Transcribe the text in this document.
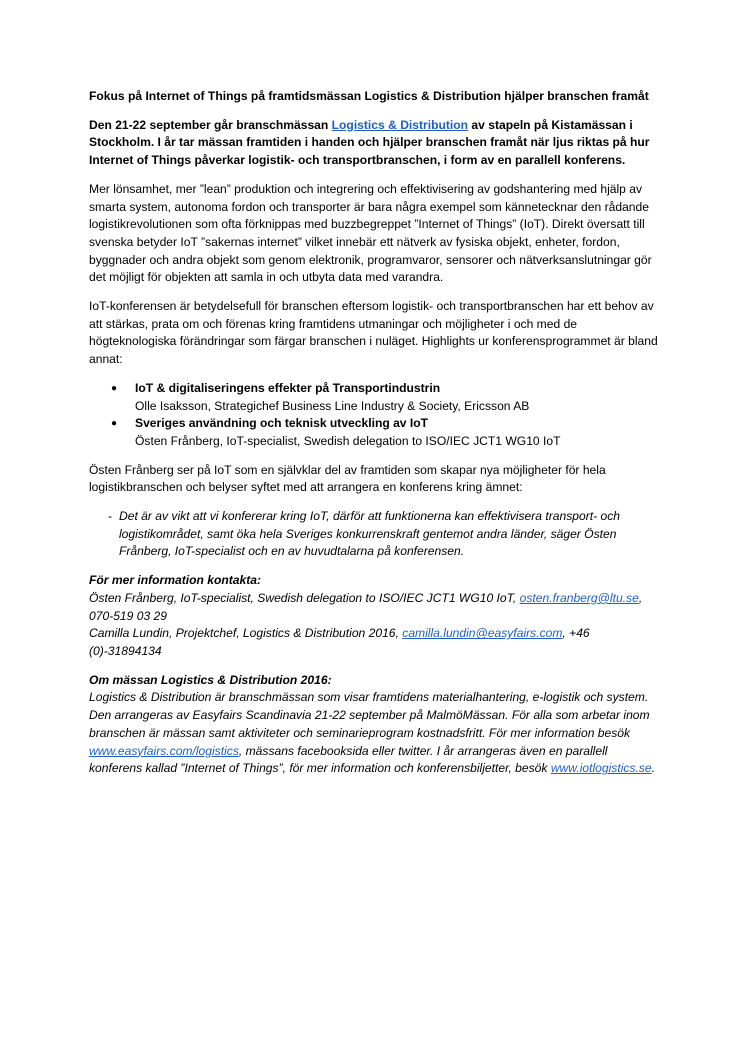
Fokus på Internet of Things på framtidsmässan Logistics & Distribution hjälper branschen framåt

Den 21-22 september går branschmässan Logistics & Distribution av stapeln på Kistamässan i Stockholm. I år tar mässan framtiden i handen och hjälper branschen framåt när ljus riktas på hur Internet of Things påverkar logistik- och transportbranschen, i form av en parallell konferens.

Mer lönsamhet, mer ”lean” produktion och integrering och effektivisering av godshantering med hjälp av smarta system, autonoma fordon och transporter är bara några exempel som kännetecknar den rådande logistikrevolutionen som ofta förknippas med buzzbegreppet ”Internet of Things” (IoT). Direkt översatt till svenska betyder IoT ”sakernas internet” vilket innebär ett nätverk av fysiska objekt, enheter, fordon, byggnader och andra objekt som genom elektronik, programvaror, sensorer och nätverksanslutningar gör det möjligt för objekten att samla in och utbyta data med varandra.

IoT-konferensen är betydelsefull för branschen eftersom logistik- och transportbranschen har ett behov av att stärkas, prata om och förenas kring framtidens utmaningar och möjligheter i och med de högteknologiska förändringar som färgar branschen i nuläget. Highlights ur konferensprogrammet är bland annat:

● IoT & digitaliseringens effekter på Transportindustrin
Olle Isaksson, Strategichef Business Line Industry & Society, Ericsson AB
● Sveriges användning och teknisk utveckling av IoT
Östen Frånberg, IoT-specialist, Swedish delegation to ISO/IEC JCT1 WG10 IoT

Östen Frånberg ser på IoT som en självklar del av framtiden som skapar nya möjligheter för hela logistikbranschen och belyser syftet med att arrangera en konferens kring ämnet:

- Det är av vikt att vi konfererar kring IoT, därför att funktionerna kan effektivisera transport- och logistikområdet, samt öka hela Sveriges konkurrenskraft gentemot andra länder, säger Östen Frånberg, IoT-specialist och en av huvudtalarna på konferensen.

För mer information kontakta:

Östen Frånberg, IoT-specialist, Swedish delegation to ISO/IEC JCT1 WG10 IoT, osten.franberg@ltu.se, 070-519 03 29

Camilla Lundin, Projektchef, Logistics & Distribution 2016, camilla.lundin@easyfairs.com, +46 (0)-31894134

Om mässan Logistics & Distribution 2016:

Logistics & Distribution är branschmässan som visar framtidens materialhantering, e-logistik och system. Den arrangeras av Easyfairs Scandinavia 21-22 september på MalmöMässan. För alla som arbetar inom branschen är mässan samt aktiviteter och seminarieprogram kostnadsfritt. För mer information besök www.easyfairs.com/logistics, mässans facebooksida eller twitter. I år arrangeras även en parallell konferens kallad ”Internet of Things”, för mer information och konferensbiljetter, besök www.iotlogistics.se.
